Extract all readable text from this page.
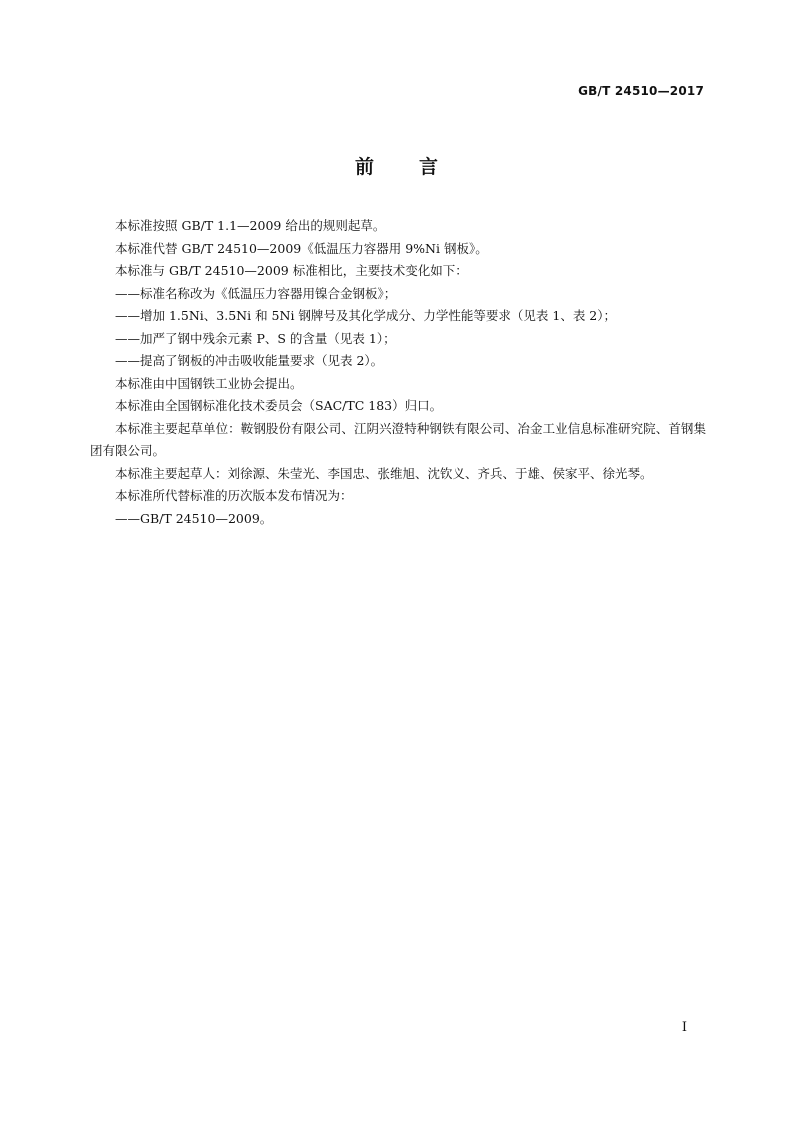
GB/T 24510—2017
前 言

本标准按照 GB/T 1.1—2009 给出的规则起草。

本标准代替 GB/T 24510—2009《低温压力容器用 9%Ni 钢板》。

本标准与 GB/T 24510—2009 标准相比，主要技术变化如下：

——标准名称改为《低温压力容器用镍合金钢板》；

——增加 1.5Ni、3.5Ni 和 5Ni 钢牌号及其化学成分、力学性能等要求（见表 1、表 2）；

——加严了钢中残余元素 P、S 的含量（见表 1）；

——提高了钢板的冲击吸收能量要求（见表 2）。

本标准由中国钢铁工业协会提出。

本标准由全国钢标准化技术委员会（SAC/TC 183）归口。

本标准主要起草单位：鞍钢股份有限公司、江阴兴澄特种钢铁有限公司、冶金工业信息标准研究院、首钢集团有限公司。

本标准主要起草人：刘徐源、朱莹光、李国忠、张维旭、沈钦义、齐兵、于雄、侯家平、徐光琴。

本标准所代替标准的历次版本发布情况为：

——GB/T 24510—2009。

I
